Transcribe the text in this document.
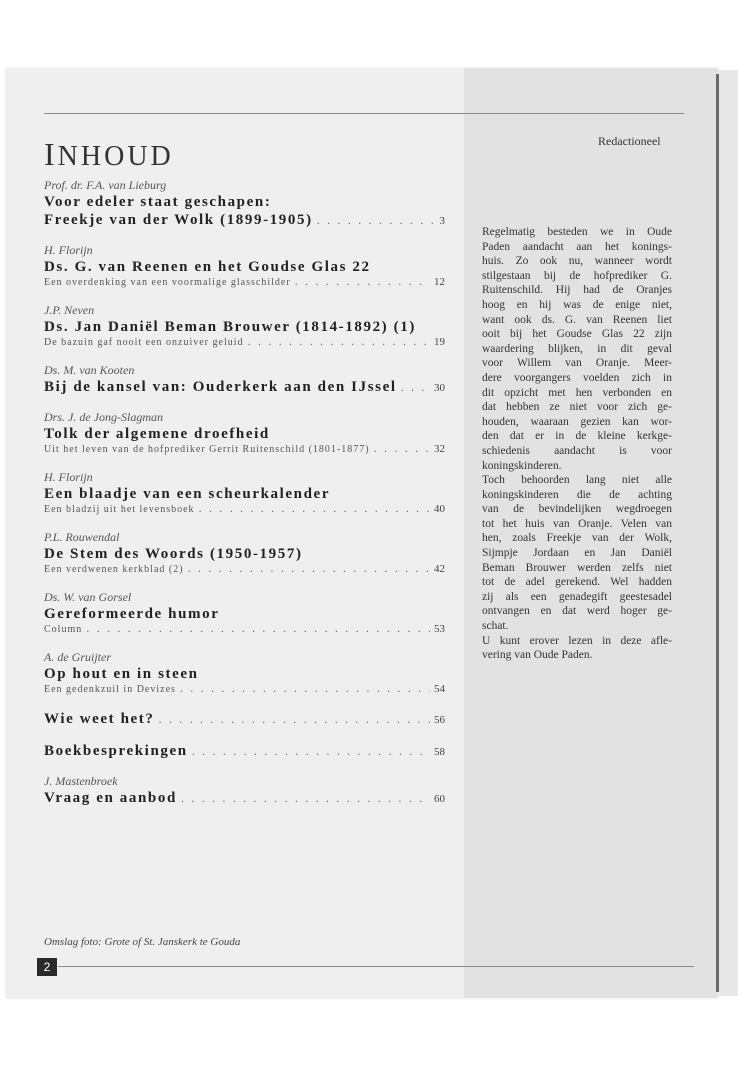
INHOUD
Prof. dr. F.A. van Lieburg
Voor edeler staat geschapen:
Freekje van der Wolk (1899-1905) . . .	3
H. Florijn
Ds. G. van Reenen en het Goudse Glas 22
Een overdenking van een voormalige glasschilder . . .	12
J.P. Neven
Ds. Jan Daniël Beman Brouwer (1814-1892) (1)
De bazuin gaf nooit een onzuiver geluid . . .	19
Ds. M. van Kooten
Bij de kansel van: Ouderkerk aan den IJssel . . .	30
Drs. J. de Jong-Slagman
Tolk der algemene droefheid
Uit het leven van de hofprediker Gerrit Ruitenschild (1801-1877) . . .	32
H. Florijn
Een blaadje van een scheurkalender
Een bladzij uit het levensboek . . .	40
P.L. Rouwendal
De Stem des Woords (1950-1957)
Een verdwenen kerkblad (2) . . .	42
Ds. W. van Gorsel
Gereformeerde humor
Column . . .	53
A. de Gruijter
Op hout en in steen
Een gedenkzuil in Devizes . . .	54
Wie weet het? . . .	56
Boekbesprekingen . . .	58
J. Mastenbroek
Vraag en aanbod . . .	60
Redactioneel

Regelmatig besteden we in Oude

Paden aandacht aan het konings-

huis. Zo ook nu, wanneer wordt

stilgestaan bij de hofprediker G.

Ruitenschild. Hij had de Oranjes

hoog en hij was de enige niet,

want ook ds. G. van Reenen liet

ooit bij het Goudse Glas 22 zijn

waardering blijken, in dit geval

voor Willem van Oranje. Meer-

dere voorgangers voelden zich in

dit opzicht met hen verbonden en

dat hebben ze niet voor zich ge-

houden, waaraan gezien kan wor-

den dat er in de kleine kerkge-

schiedenis aandacht is voor

koningskinderen.

Toch behoorden lang niet alle

koningskinderen die de achting

van de bevindelijken wegdroegen

tot het huis van Oranje. Velen van

hen, zoals Freekje van der Wolk,

Sijmpje Jordaan en Jan Daniël

Beman Brouwer werden zelfs niet

tot de adel gerekend. Wel hadden

zij als een genadegift geestesadel

ontvangen en dat werd hoger ge-

schat.

U kunt erover lezen in deze afle-

vering van Oude Paden.

Omslag foto: Grote of St. Janskerk te Gouda
2
